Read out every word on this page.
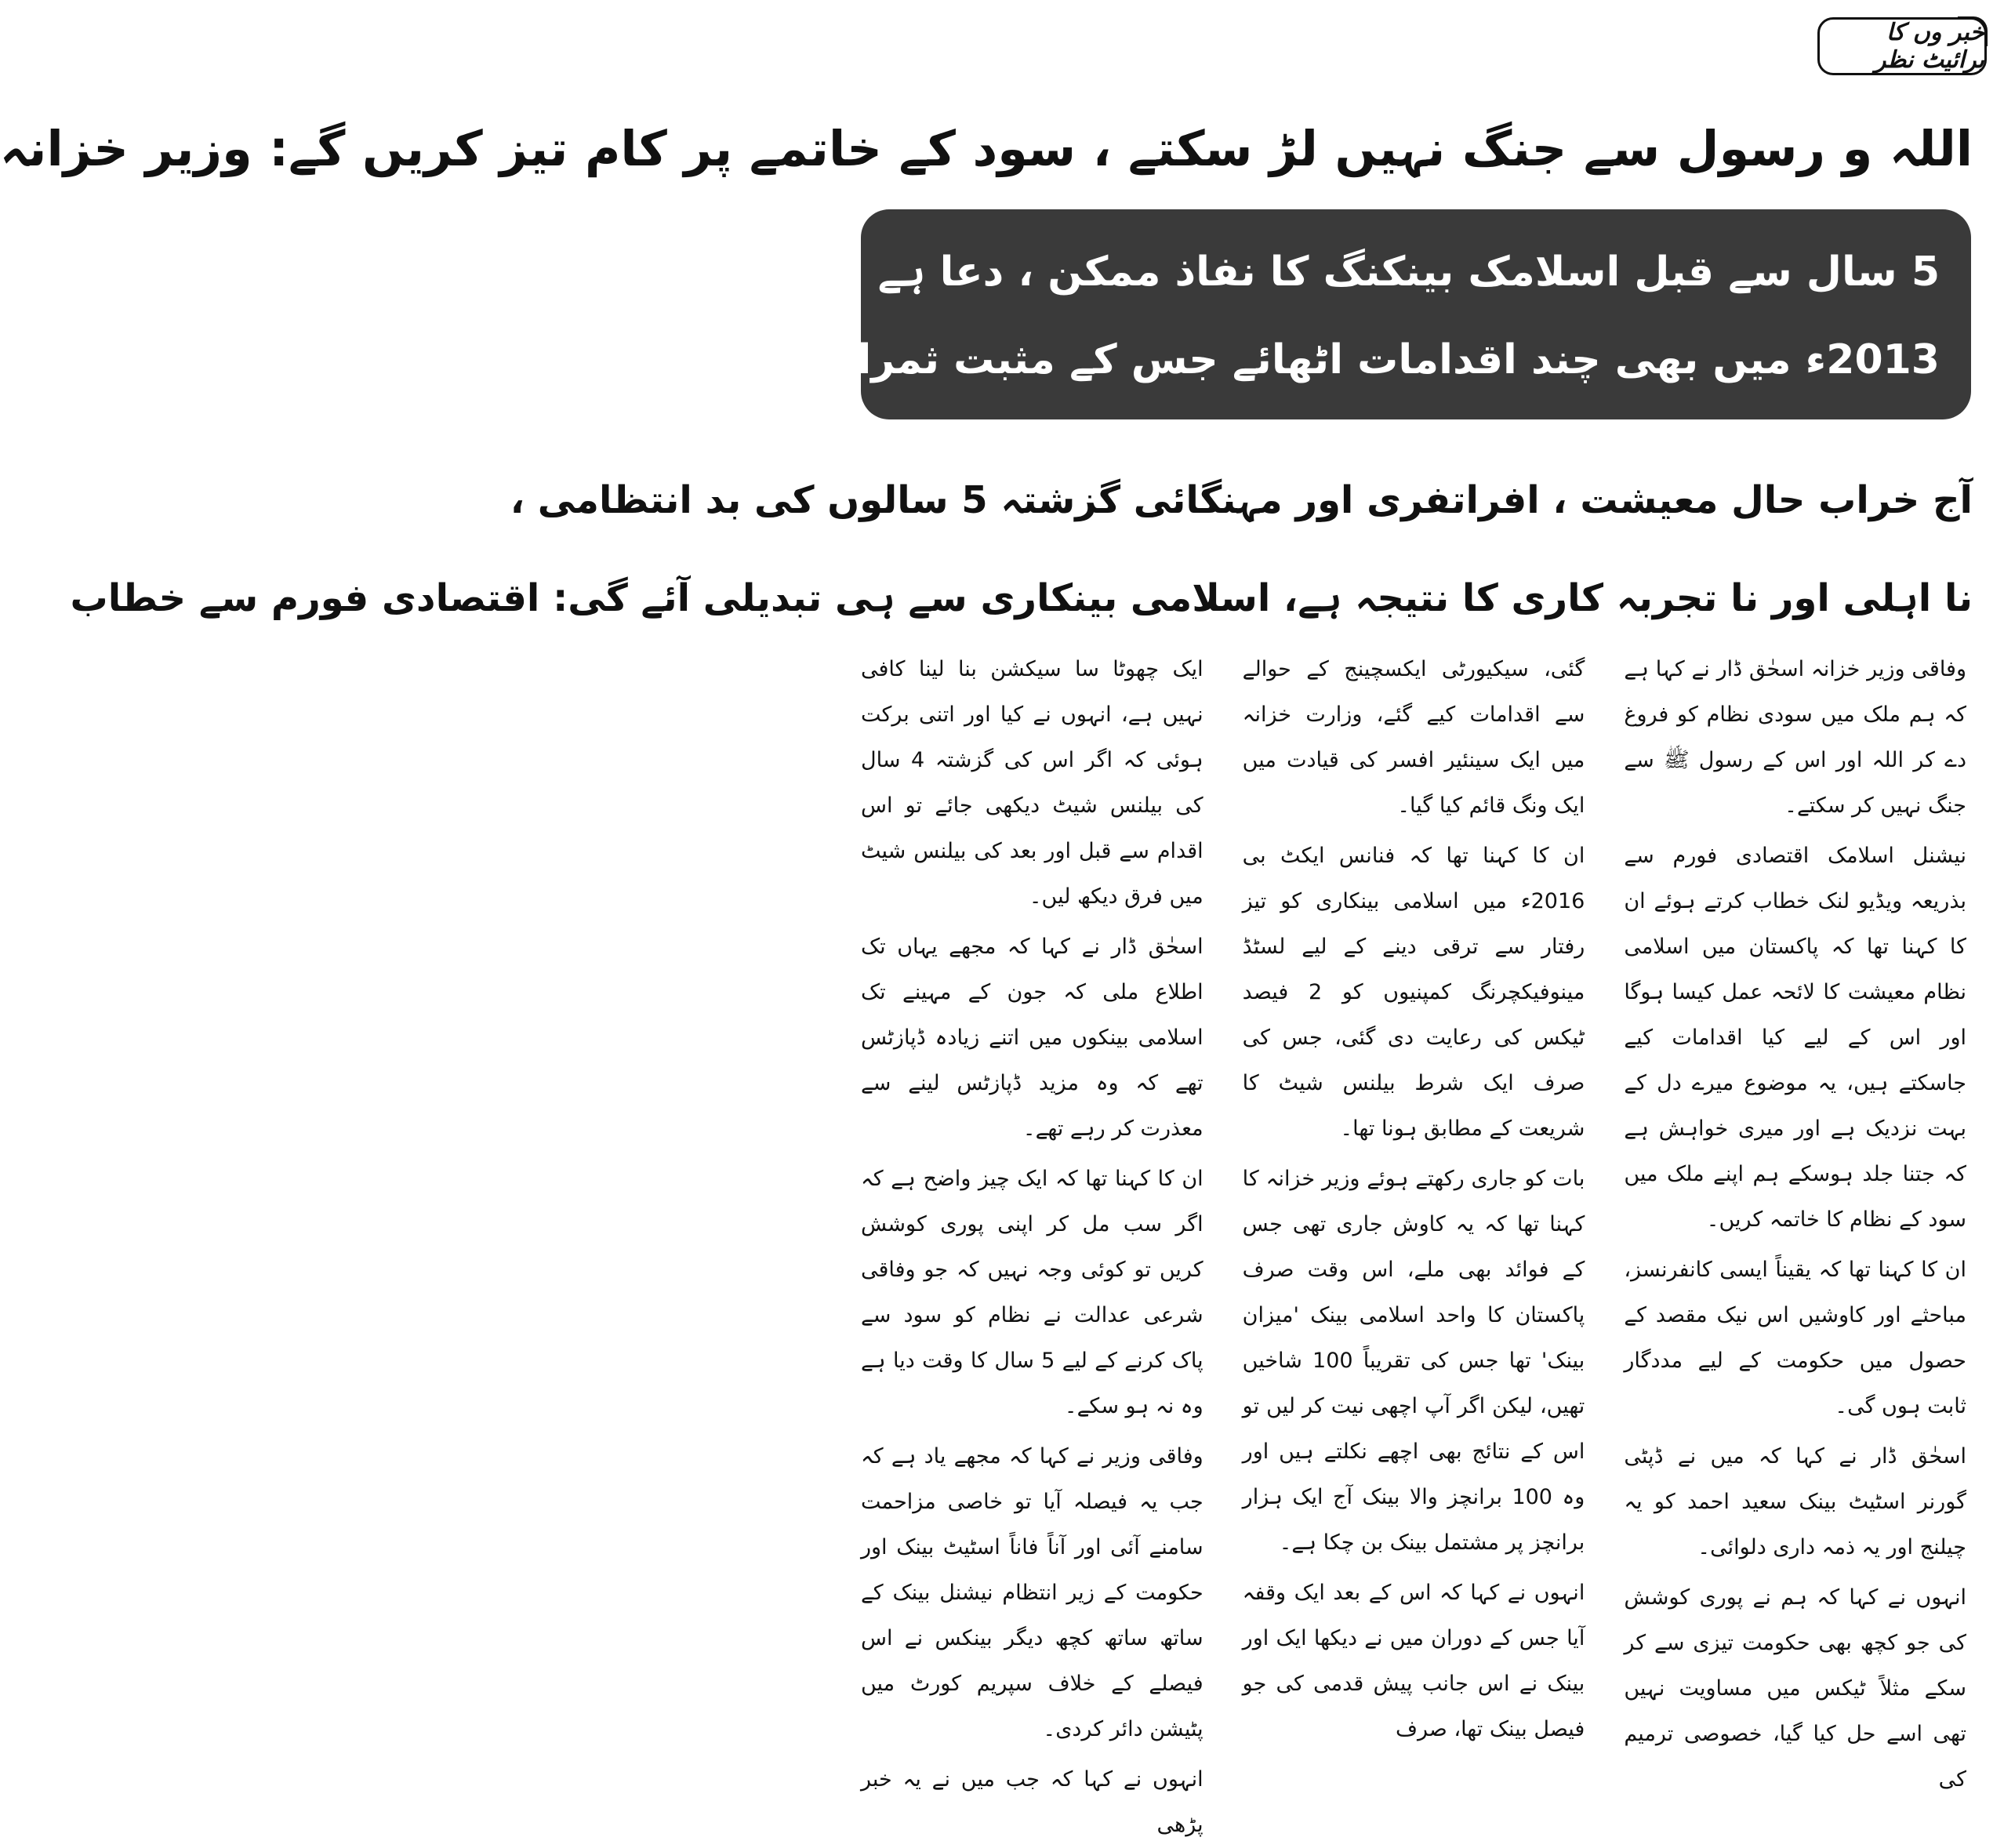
خبر وں کا برائیٹ نظر
اللہ و رسول سے جنگ نہیں لڑ سکتے ، سود کے خاتمے پر کام تیز کریں گے: وزیر خزانہ
5 سال سے قبل اسلامک بینکنگ کا نفاذ ممکن ، دعا ہے ہمارے ہاتھوں یہ کام ہو،
2013ء میں بھی چند اقدامات اٹھائے جس کے مثبت ثمرات اب تک مل رہے ہیں: اسحاق ڈار
آج خراب حال معیشت ، افراتفری اور مہنگائی گزشتہ 5 سالوں کی بد انتظامی ،
نا اہلی اور نا تجربہ کاری کا نتیجہ ہے، اسلامی بینکاری سے ہی تبدیلی آئے گی: اقتصادی فورم سے خطاب

وفاقی وزیر خزانہ اسحٰق ڈار نے کہا ہے کہ ہم ملک میں سودی نظام کو فروغ دے کر اللہ اور اس کے رسول ﷺ سے جنگ نہیں کر سکتے۔

نیشنل اسلامک اقتصادی فورم سے بذریعہ ویڈیو لنک خطاب کرتے ہوئے ان کا کہنا تھا کہ پاکستان میں اسلامی نظام معیشت کا لائحہ عمل کیسا ہوگا اور اس کے لیے کیا اقدامات کیے جاسکتے ہیں، یہ موضوع میرے دل کے بہت نزدیک ہے اور میری خواہش ہے کہ جتنا جلد ہوسکے ہم اپنے ملک میں سود کے نظام کا خاتمہ کریں۔

ان کا کہنا تھا کہ یقیناً ایسی کانفرنسز، مباحثے اور کاوشیں اس نیک مقصد کے حصول میں حکومت کے لیے مددگار ثابت ہوں گی۔

اسحٰق ڈار نے کہا کہ میں نے ڈپٹی گورنر اسٹیٹ بینک سعید احمد کو یہ چیلنج اور یہ ذمہ داری دلوائی۔

انہوں نے کہا کہ ہم نے پوری کوشش کی جو کچھ بھی حکومت تیزی سے کر سکے مثلاً ٹیکس میں مساویت نہیں تھی اسے حل کیا گیا، خصوصی ترمیم کی

گئی، سیکیورٹی ایکسچینج کے حوالے سے اقدامات کیے گئے، وزارت خزانہ میں ایک سینئیر افسر کی قیادت میں ایک ونگ قائم کیا گیا۔

ان کا کہنا تھا کہ فنانس ایکٹ بی 2016ء میں اسلامی بینکاری کو تیز رفتار سے ترقی دینے کے لیے لسٹڈ مینوفیکچرنگ کمپنیوں کو 2 فیصد ٹیکس کی رعایت دی گئی، جس کی صرف ایک شرط بیلنس شیٹ کا شریعت کے مطابق ہونا تھا۔

بات کو جاری رکھتے ہوئے وزیر خزانہ کا کہنا تھا کہ یہ کاوش جاری تھی جس کے فوائد بھی ملے، اس وقت صرف پاکستان کا واحد اسلامی بینک 'میزان بینک' تھا جس کی تقریباً 100 شاخیں تھیں، لیکن اگر آپ اچھی نیت کر لیں تو اس کے نتائج بھی اچھے نکلتے ہیں اور وہ 100 برانچز والا بینک آج ایک ہزار برانچز پر مشتمل بینک بن چکا ہے۔

انہوں نے کہا کہ اس کے بعد ایک وقفہ آیا جس کے دوران میں نے دیکھا ایک اور بینک نے اس جانب پیش قدمی کی جو فیصل بینک تھا، صرف

ایک چھوٹا سا سیکشن بنا لینا کافی نہیں ہے، انہوں نے کیا اور اتنی برکت ہوئی کہ اگر اس کی گزشتہ 4 سال کی بیلنس شیٹ دیکھی جائے تو اس اقدام سے قبل اور بعد کی بیلنس شیٹ میں فرق دیکھ لیں۔

اسحٰق ڈار نے کہا کہ مجھے یہاں تک اطلاع ملی کہ جون کے مہینے تک اسلامی بینکوں میں اتنے زیادہ ڈپازٹس تھے کہ وہ مزید ڈپازٹس لینے سے معذرت کر رہے تھے۔

ان کا کہنا تھا کہ ایک چیز واضح ہے کہ اگر سب مل کر اپنی پوری کوشش کریں تو کوئی وجہ نہیں کہ جو وفاقی شرعی عدالت نے نظام کو سود سے پاک کرنے کے لیے 5 سال کا وقت دیا ہے وہ نہ ہو سکے۔

وفاقی وزیر نے کہا کہ مجھے یاد ہے کہ جب یہ فیصلہ آیا تو خاصی مزاحمت سامنے آئی اور آناً فاناً اسٹیٹ بینک اور حکومت کے زیر انتظام نیشنل بینک کے ساتھ ساتھ کچھ دیگر بینکس نے اس فیصلے کے خلاف سپریم کورٹ میں پٹیشن دائر کردی۔

انہوں نے کہا کہ جب میں نے یہ خبر پڑھی
